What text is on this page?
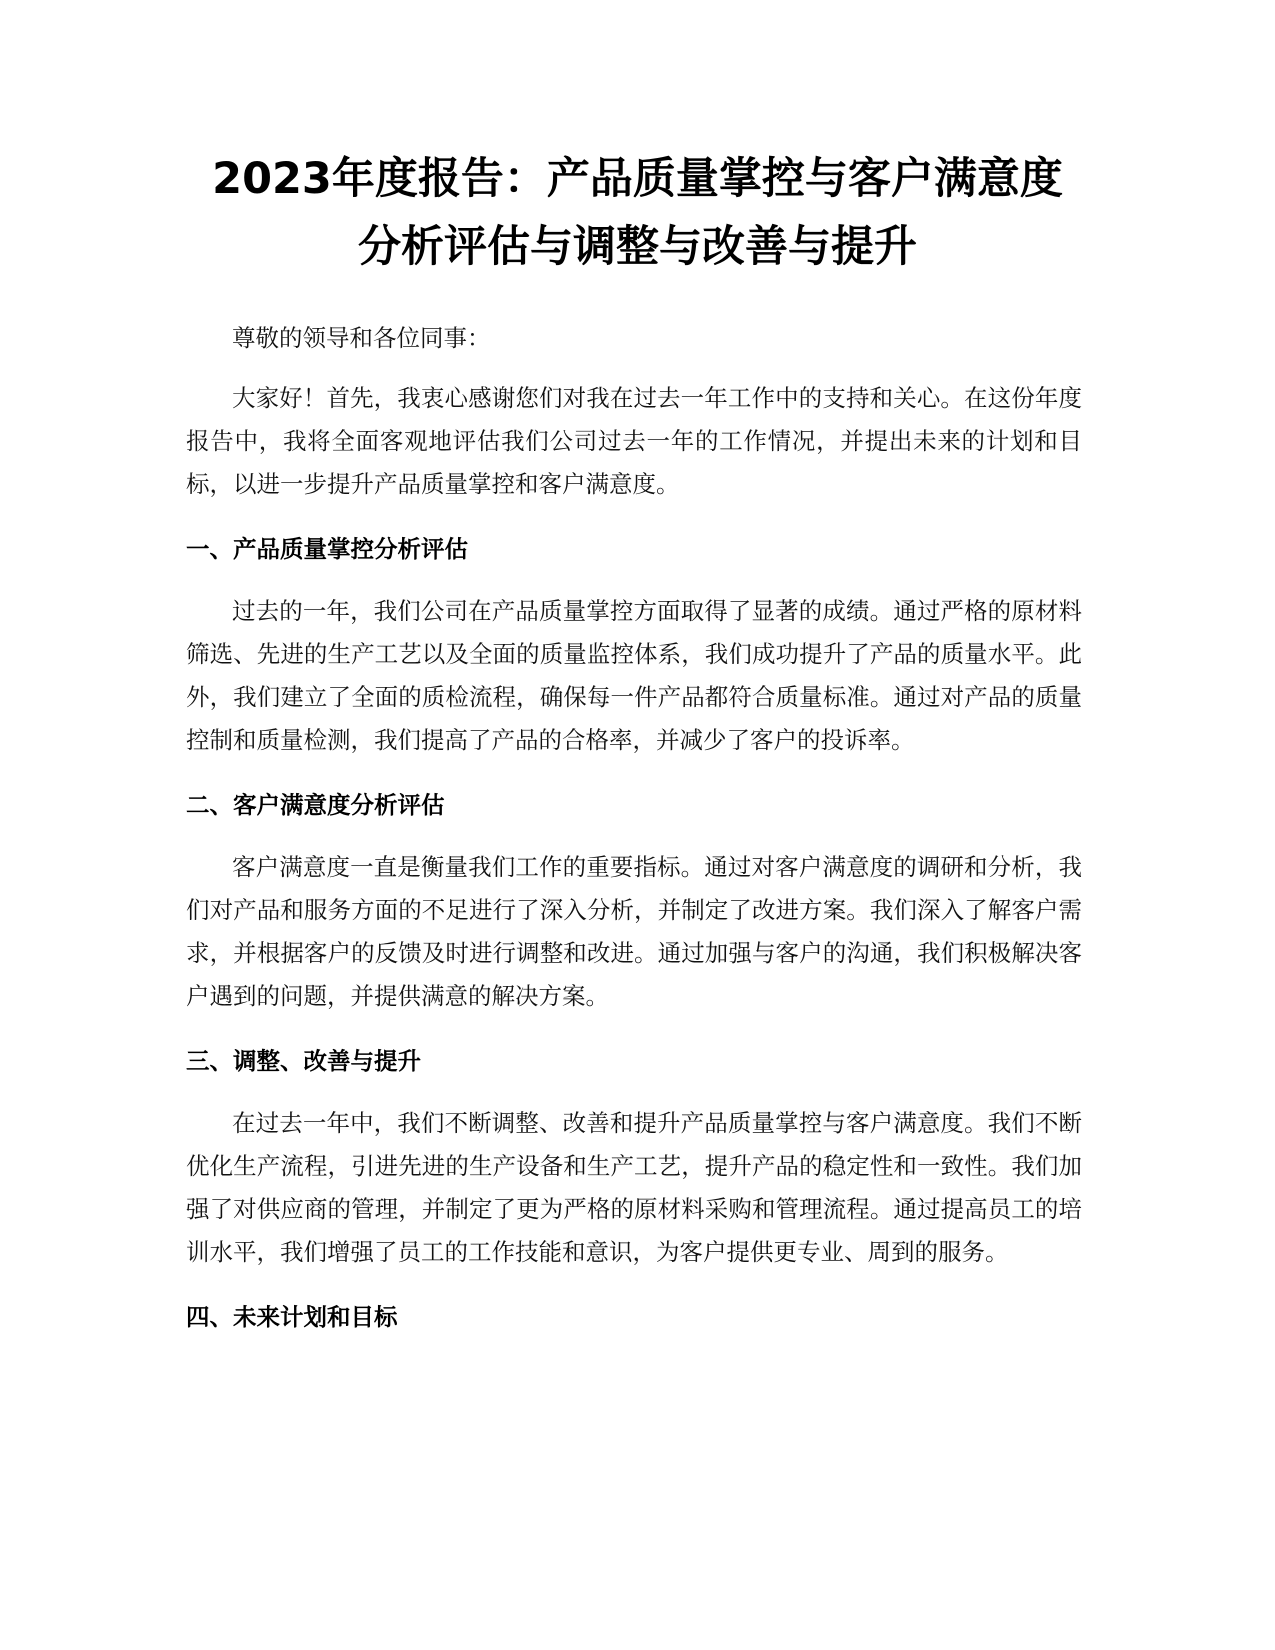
2023年度报告：产品质量掌控与客户满意度
分析评估与调整与改善与提升

尊敬的领导和各位同事：

大家好！首先，我衷心感谢您们对我在过去一年工作中的支持和关心。在这份年度报告中，我将全面客观地评估我们公司过去一年的工作情况，并提出未来的计划和目标，以进一步提升产品质量掌控和客户满意度。

一、产品质量掌控分析评估

过去的一年，我们公司在产品质量掌控方面取得了显著的成绩。通过严格的原材料筛选、先进的生产工艺以及全面的质量监控体系，我们成功提升了产品的质量水平。此外，我们建立了全面的质检流程，确保每一件产品都符合质量标准。通过对产品的质量控制和质量检测，我们提高了产品的合格率，并减少了客户的投诉率。

二、客户满意度分析评估

客户满意度一直是衡量我们工作的重要指标。通过对客户满意度的调研和分析，我们对产品和服务方面的不足进行了深入分析，并制定了改进方案。我们深入了解客户需求，并根据客户的反馈及时进行调整和改进。通过加强与客户的沟通，我们积极解决客户遇到的问题，并提供满意的解决方案。

三、调整、改善与提升

在过去一年中，我们不断调整、改善和提升产品质量掌控与客户满意度。我们不断优化生产流程，引进先进的生产设备和生产工艺，提升产品的稳定性和一致性。我们加强了对供应商的管理，并制定了更为严格的原材料采购和管理流程。通过提高员工的培训水平，我们增强了员工的工作技能和意识，为客户提供更专业、周到的服务。

四、未来计划和目标
